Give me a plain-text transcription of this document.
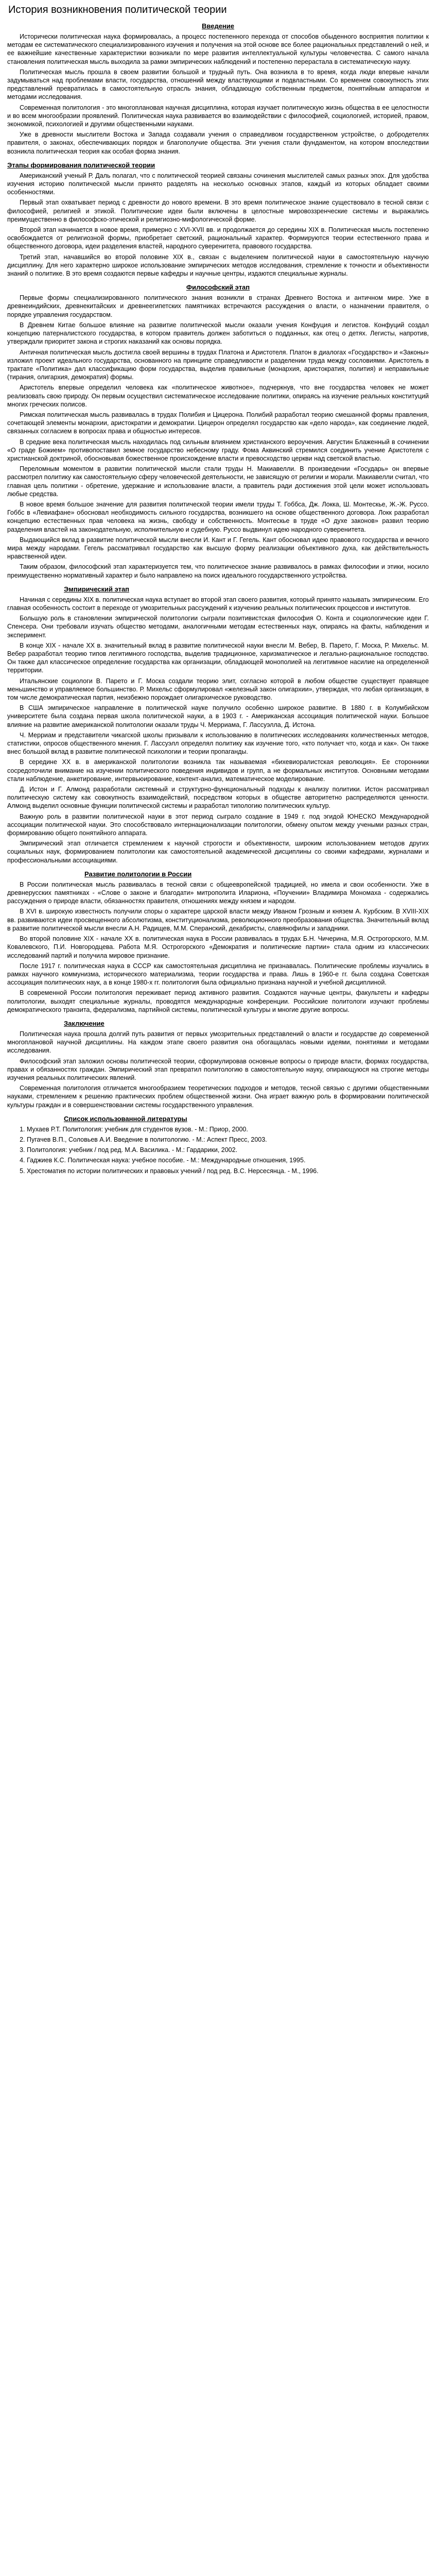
История возникновения политической теории
Введение

Исторически политическая наука формировалась, а процесс постепенного перехода от способов обыденного восприятия политики к методам ее систематического специализированного изучения и получения на этой основе все более рациональных представлений о ней, и ее важнейшие качественные характеристики возникали по мере развития интеллектуальной культуры человечества. С самого начала становления политическая мысль выходила за рамки эмпирических наблюдений и постепенно перерастала в систематическую науку.

Политическая мысль прошла в своем развитии большой и трудный путь. Она возникла в то время, когда люди впервые начали задумываться над проблемами власти, государства, отношений между властвующими и подвластными. Со временем совокупность этих представлений превратилась в самостоятельную отрасль знания, обладающую собственным предметом, понятийным аппаратом и методами исследования.

Современная политология - это многоплановая научная дисциплина, которая изучает политическую жизнь общества в ее целостности и во всем многообразии проявлений. Политическая наука развивается во взаимодействии с философией, социологией, историей, правом, экономикой, психологией и другими общественными науками.

Уже в древности мыслители Востока и Запада создавали учения о справедливом государственном устройстве, о добродетелях правителя, о законах, обеспечивающих порядок и благополучие общества. Эти учения стали фундаментом, на котором впоследствии возникла политическая теория как особая форма знания.

Этапы формирования политической теории

Американский ученый Р. Даль полагал, что с политической теорией связаны сочинения мыслителей самых разных эпох. Для удобства изучения историю политической мысли принято разделять на несколько основных этапов, каждый из которых обладает своими особенностями.

Первый этап охватывает период с древности до нового времени. В это время политическое знание существовало в тесной связи с философией, религией и этикой. Политические идеи были включены в целостные мировоззренческие системы и выражались преимущественно в философско-этической и религиозно-мифологической форме.

Второй этап начинается в новое время, примерно с XVI-XVII вв. и продолжается до середины XIX в. Политическая мысль постепенно освобождается от религиозной формы, приобретает светский, рациональный характер. Формируются теории естественного права и общественного договора, идеи разделения властей, народного суверенитета, правового государства.

Третий этап, начавшийся во второй половине XIX в., связан с выделением политической науки в самостоятельную научную дисциплину. Для него характерно широкое использование эмпирических методов исследования, стремление к точности и объективности знаний о политике. В это время создаются первые кафедры и научные центры, издаются специальные журналы.

Философский этап

Первые формы специализированного политического знания возникли в странах Древнего Востока и античном мире. Уже в древнеиндийских, древнекитайских и древнеегипетских памятниках встречаются рассуждения о власти, о назначении правителя, о порядке управления государством.

В Древнем Китае большое влияние на развитие политической мысли оказали учения Конфуция и легистов. Конфуций создал концепцию патерналистского государства, в котором правитель должен заботиться о подданных, как отец о детях. Легисты, напротив, утверждали приоритет закона и строгих наказаний как основы порядка.

Античная политическая мысль достигла своей вершины в трудах Платона и Аристотеля. Платон в диалогах «Государство» и «Законы» изложил проект идеального государства, основанного на принципе справедливости и разделении труда между сословиями. Аристотель в трактате «Политика» дал классификацию форм государства, выделив правильные (монархия, аристократия, полития) и неправильные (тирания, олигархия, демократия) формы.

Аристотель впервые определил человека как «политическое животное», подчеркнув, что вне государства человек не может реализовать свою природу. Он первым осуществил систематическое исследование политики, опираясь на изучение реальных конституций многих греческих полисов.

Римская политическая мысль развивалась в трудах Полибия и Цицерона. Полибий разработал теорию смешанной формы правления, сочетающей элементы монархии, аристократии и демократии. Цицерон определял государство как «дело народа», как соединение людей, связанных согласием в вопросах права и общностью интересов.

В средние века политическая мысль находилась под сильным влиянием христианского вероучения. Августин Блаженный в сочинении «О граде Божием» противопоставил земное государство небесному граду. Фома Аквинский стремился соединить учение Аристотеля с христианской доктриной, обосновывая божественное происхождение власти и превосходство церкви над светской властью.

Переломным моментом в развитии политической мысли стали труды Н. Макиавелли. В произведении «Государь» он впервые рассмотрел политику как самостоятельную сферу человеческой деятельности, не зависящую от религии и морали. Макиавелли считал, что главная цель политики - обретение, удержание и использование власти, а правитель ради достижения этой цели может использовать любые средства.

В новое время большое значение для развития политической теории имели труды Т. Гоббса, Дж. Локка, Ш. Монтескье, Ж.-Ж. Руссо. Гоббс в «Левиафане» обосновал необходимость сильного государства, возникшего на основе общественного договора. Локк разработал концепцию естественных прав человека на жизнь, свободу и собственность. Монтескье в труде «О духе законов» развил теорию разделения властей на законодательную, исполнительную и судебную. Руссо выдвинул идею народного суверенитета.

Выдающийся вклад в развитие политической мысли внесли И. Кант и Г. Гегель. Кант обосновал идею правового государства и вечного мира между народами. Гегель рассматривал государство как высшую форму реализации объективного духа, как действительность нравственной идеи.

Таким образом, философский этап характеризуется тем, что политическое знание развивалось в рамках философии и этики, носило преимущественно нормативный характер и было направлено на поиск идеального государственного устройства.

Эмпирический этап

Начиная с середины XIX в. политическая наука вступает во второй этап своего развития, который принято называть эмпирическим. Его главная особенность состоит в переходе от умозрительных рассуждений к изучению реальных политических процессов и институтов.

Большую роль в становлении эмпирической политологии сыграли позитивистская философия О. Конта и социологические идеи Г. Спенсера. Они требовали изучать общество методами, аналогичными методам естественных наук, опираясь на факты, наблюдения и эксперимент.

В конце XIX - начале XX в. значительный вклад в развитие политической науки внесли М. Вебер, В. Парето, Г. Моска, Р. Михельс. М. Вебер разработал теорию типов легитимного господства, выделив традиционное, харизматическое и легально-рациональное господство. Он также дал классическое определение государства как организации, обладающей монополией на легитимное насилие на определенной территории.

Итальянские социологи В. Парето и Г. Моска создали теорию элит, согласно которой в любом обществе существует правящее меньшинство и управляемое большинство. Р. Михельс сформулировал «железный закон олигархии», утверждая, что любая организация, в том числе демократическая партия, неизбежно порождает олигархическое руководство.

В США эмпирическое направление в политической науке получило особенно широкое развитие. В 1880 г. в Колумбийском университете была создана первая школа политической науки, а в 1903 г. - Американская ассоциация политической науки. Большое влияние на развитие американской политологии оказали труды Ч. Мерриама, Г. Лассуэлла, Д. Истона.

Ч. Мерриам и представители чикагской школы призывали к использованию в политических исследованиях количественных методов, статистики, опросов общественного мнения. Г. Лассуэлл определял политику как изучение того, «кто получает что, когда и как». Он также внес большой вклад в развитие политической психологии и теории пропаганды.

В середине XX в. в американской политологии возникла так называемая «бихевиоралистская революция». Ее сторонники сосредоточили внимание на изучении политического поведения индивидов и групп, а не формальных институтов. Основными методами стали наблюдение, анкетирование, интервьюирование, контент-анализ, математическое моделирование.

Д. Истон и Г. Алмонд разработали системный и структурно-функциональный подходы к анализу политики. Истон рассматривал политическую систему как совокупность взаимодействий, посредством которых в обществе авторитетно распределяются ценности. Алмонд выделил основные функции политической системы и разработал типологию политических культур.

Важную роль в развитии политической науки в этот период сыграло создание в 1949 г. под эгидой ЮНЕСКО Международной ассоциации политической науки. Это способствовало интернационализации политологии, обмену опытом между учеными разных стран, формированию общего понятийного аппарата.

Эмпирический этап отличается стремлением к научной строгости и объективности, широким использованием методов других социальных наук, формированием политологии как самостоятельной академической дисциплины со своими кафедрами, журналами и профессиональными ассоциациями.

Развитие политологии в России

В России политическая мысль развивалась в тесной связи с общеевропейской традицией, но имела и свои особенности. Уже в древнерусских памятниках - «Слове о законе и благодати» митрополита Илариона, «Поучении» Владимира Мономаха - содержались рассуждения о природе власти, обязанностях правителя, отношениях между князем и народом.

В XVI в. широкую известность получили споры о характере царской власти между Иваном Грозным и князем А. Курбским. В XVIII-XIX вв. развиваются идеи просвещенного абсолютизма, конституционализма, революционного преобразования общества. Значительный вклад в развитие политической мысли внесли А.Н. Радищев, М.М. Сперанский, декабристы, славянофилы и западники.

Во второй половине XIX - начале XX в. политическая наука в России развивалась в трудах Б.Н. Чичерина, М.Я. Острогорского, М.М. Ковалевского, П.И. Новгородцева. Работа М.Я. Острогорского «Демократия и политические партии» стала одним из классических исследований партий и получила мировое признание.

После 1917 г. политическая наука в СССР как самостоятельная дисциплина не признавалась. Политические проблемы изучались в рамках научного коммунизма, исторического материализма, теории государства и права. Лишь в 1960-е гг. была создана Советская ассоциация политических наук, а в конце 1980-х гг. политология была официально признана научной и учебной дисциплиной.

В современной России политология переживает период активного развития. Создаются научные центры, факультеты и кафедры политологии, выходят специальные журналы, проводятся международные конференции. Российские политологи изучают проблемы демократического транзита, федерализма, партийной системы, политической культуры и многие другие вопросы.

Заключение

Политическая наука прошла долгий путь развития от первых умозрительных представлений о власти и государстве до современной многоплановой научной дисциплины. На каждом этапе своего развития она обогащалась новыми идеями, понятиями и методами исследования.

Философский этап заложил основы политической теории, сформулировав основные вопросы о природе власти, формах государства, правах и обязанностях граждан. Эмпирический этап превратил политологию в самостоятельную науку, опирающуюся на строгие методы изучения реальных политических явлений.

Современная политология отличается многообразием теоретических подходов и методов, тесной связью с другими общественными науками, стремлением к решению практических проблем общественной жизни. Она играет важную роль в формировании политической культуры граждан и в совершенствовании системы государственного управления.

Список использованной литературы
1. Мухаев Р.Т. Политология: учебник для студентов вузов. - М.: Приор, 2000.
2. Пугачев В.П., Соловьев А.И. Введение в политологию. - М.: Аспект Пресс, 2003.
3. Политология: учебник / под ред. М.А. Василика. - М.: Гардарики, 2002.
4. Гаджиев К.С. Политическая наука: учебное пособие. - М.: Международные отношения, 1995.
5. Хрестоматия по истории политических и правовых учений / под ред. В.С. Нерсесянца. - М., 1996.
